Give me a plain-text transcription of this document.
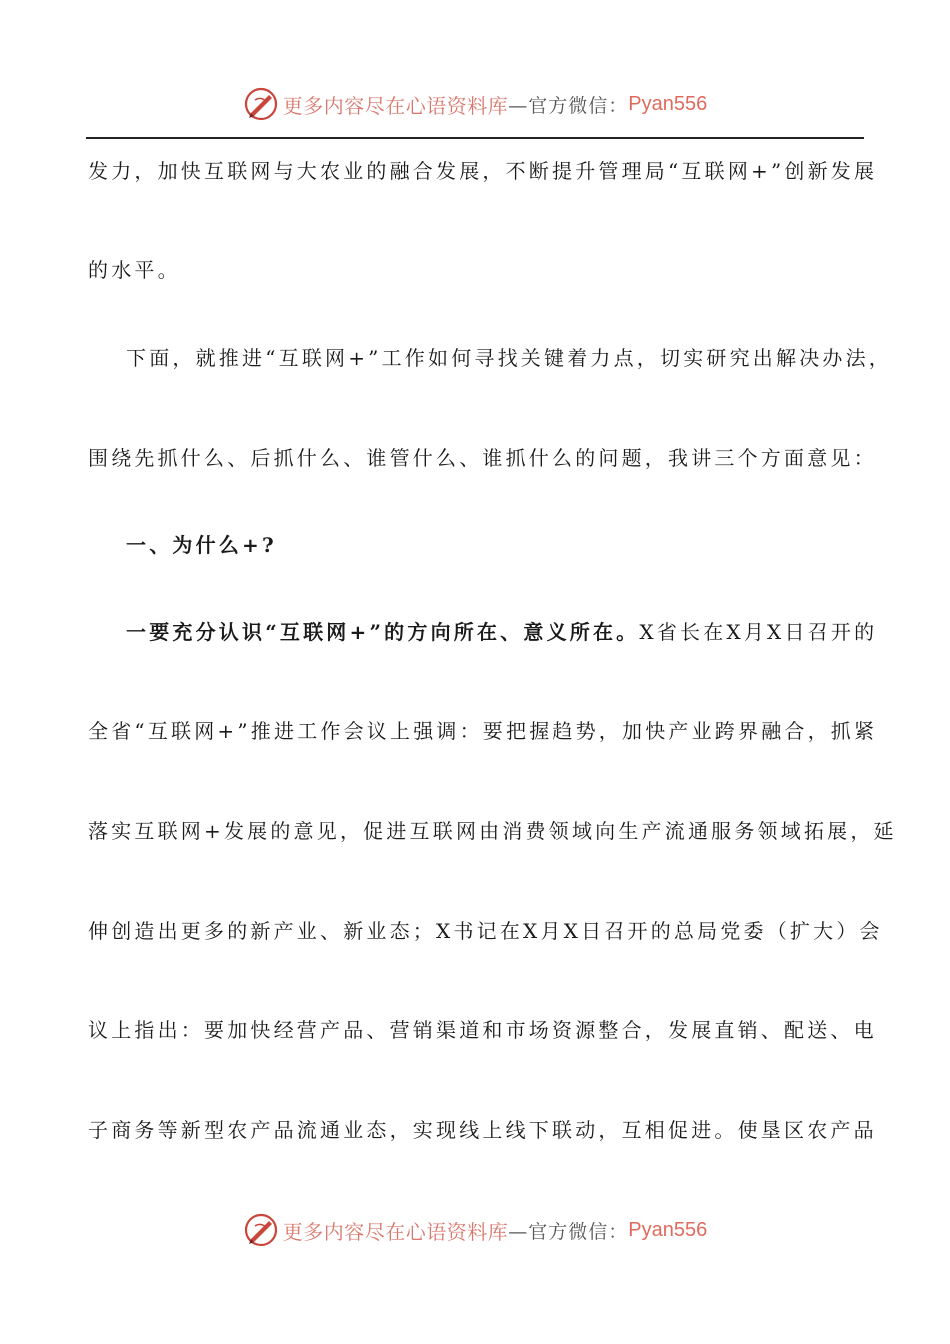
更多内容尽在心语资料库 —官方微信： Pyan556
发力，加快互联网与大农业的融合发展，不断提升管理局“互联网+”创新发展
的水平。
下面，就推进“互联网+”工作如何寻找关键着力点，切实研究出解决办法，
围绕先抓什么、后抓什么、谁管什么、谁抓什么的问题，我讲三个方面意见：
一、为什么+?
一要充分认识“互联网+”的方向所在、意义所在。X省长在X月X日召开的
全省“互联网+”推进工作会议上强调：要把握趋势，加快产业跨界融合，抓紧
落实互联网+发展的意见，促进互联网由消费领域向生产流通服务领域拓展，延
伸创造出更多的新产业、新业态；X书记在X月X日召开的总局党委（扩大）会
议上指出：要加快经营产品、营销渠道和市场资源整合，发展直销、配送、电
子商务等新型农产品流通业态，实现线上线下联动，互相促进。使垦区农产品
更多内容尽在心语资料库 —官方微信： Pyan556
